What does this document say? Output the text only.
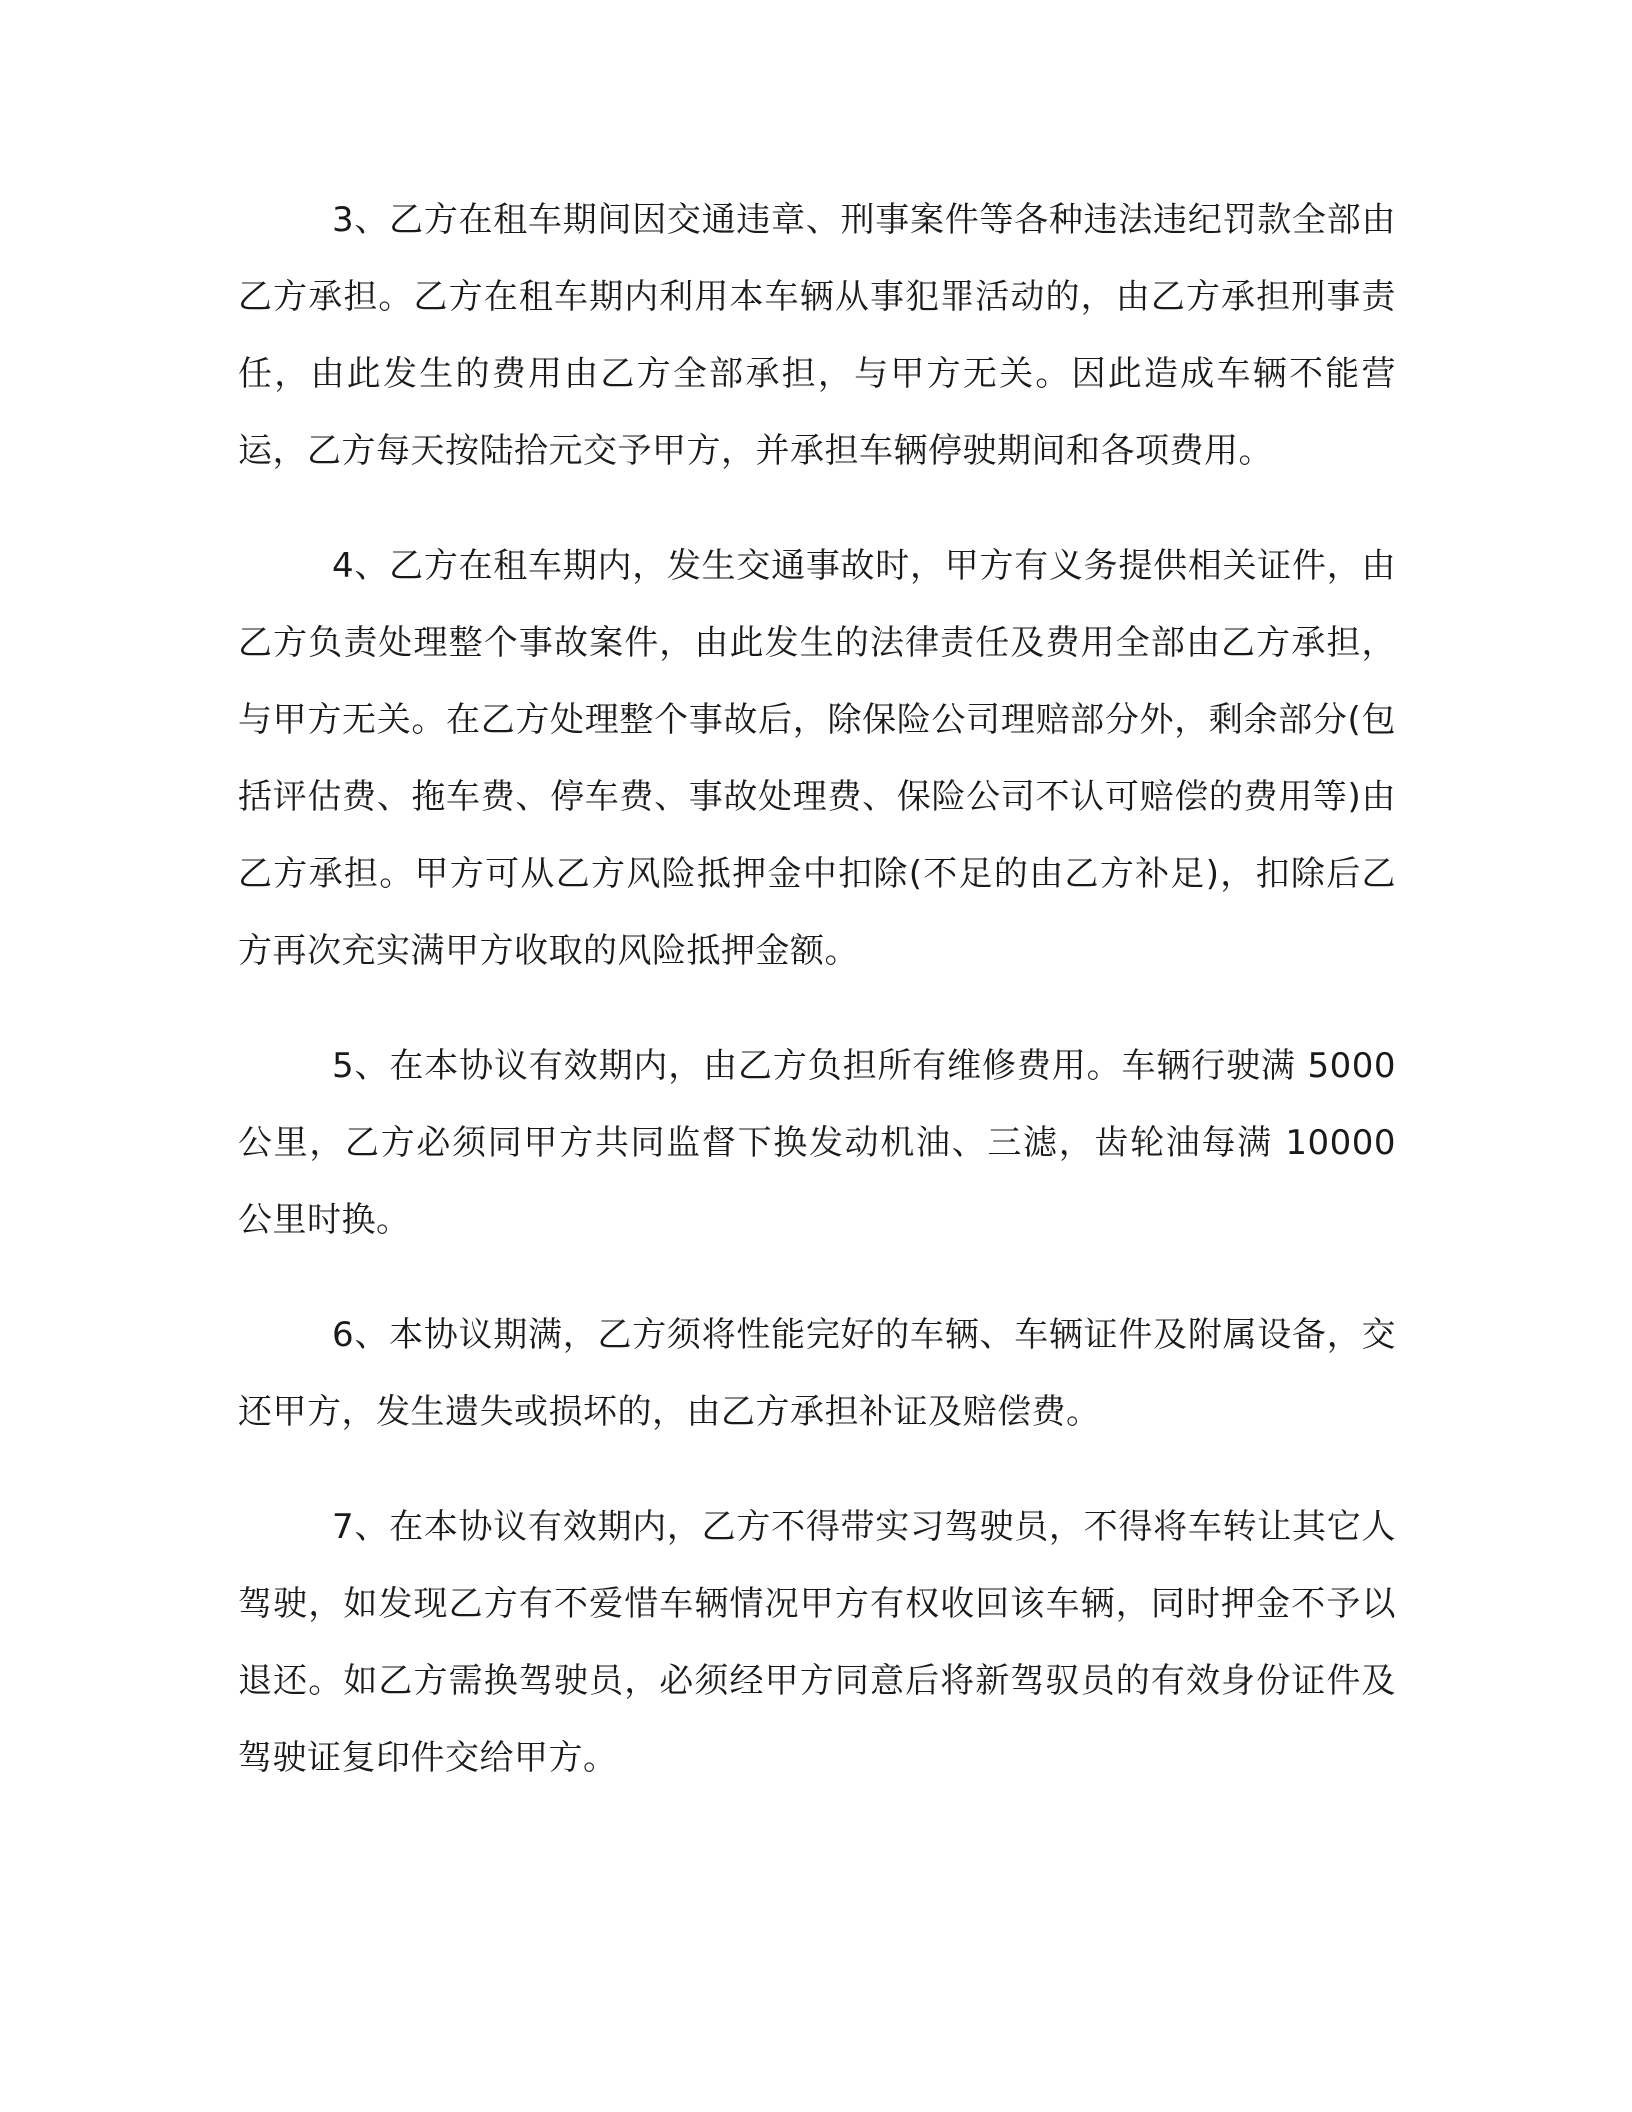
3、乙方在租车期间因交通违章、刑事案件等各种违法违纪罚款全部由乙方承担。乙方在租车期内利用本车辆从事犯罪活动的，由乙方承担刑事责任，由此发生的费用由乙方全部承担，与甲方无关。因此造成车辆不能营运，乙方每天按陆拾元交予甲方，并承担车辆停驶期间和各项费用。

4、乙方在租车期内，发生交通事故时，甲方有义务提供相关证件，由乙方负责处理整个事故案件，由此发生的法律责任及费用全部由乙方承担，与甲方无关。在乙方处理整个事故后，除保险公司理赔部分外，剩余部分(包括评估费、拖车费、停车费、事故处理费、保险公司不认可赔偿的费用等)由乙方承担。甲方可从乙方风险抵押金中扣除(不足的由乙方补足)，扣除后乙方再次充实满甲方收取的风险抵押金额。

5、在本协议有效期内，由乙方负担所有维修费用。车辆行驶满 5000 公里，乙方必须同甲方共同监督下换发动机油、三滤，齿轮油每满 10000 公里时换。

6、本协议期满，乙方须将性能完好的车辆、车辆证件及附属设备，交还甲方，发生遗失或损坏的，由乙方承担补证及赔偿费。

7、在本协议有效期内，乙方不得带实习驾驶员，不得将车转让其它人驾驶，如发现乙方有不爱惜车辆情况甲方有权收回该车辆，同时押金不予以退还。如乙方需换驾驶员，必须经甲方同意后将新驾驭员的有效身份证件及驾驶证复印件交给甲方。
